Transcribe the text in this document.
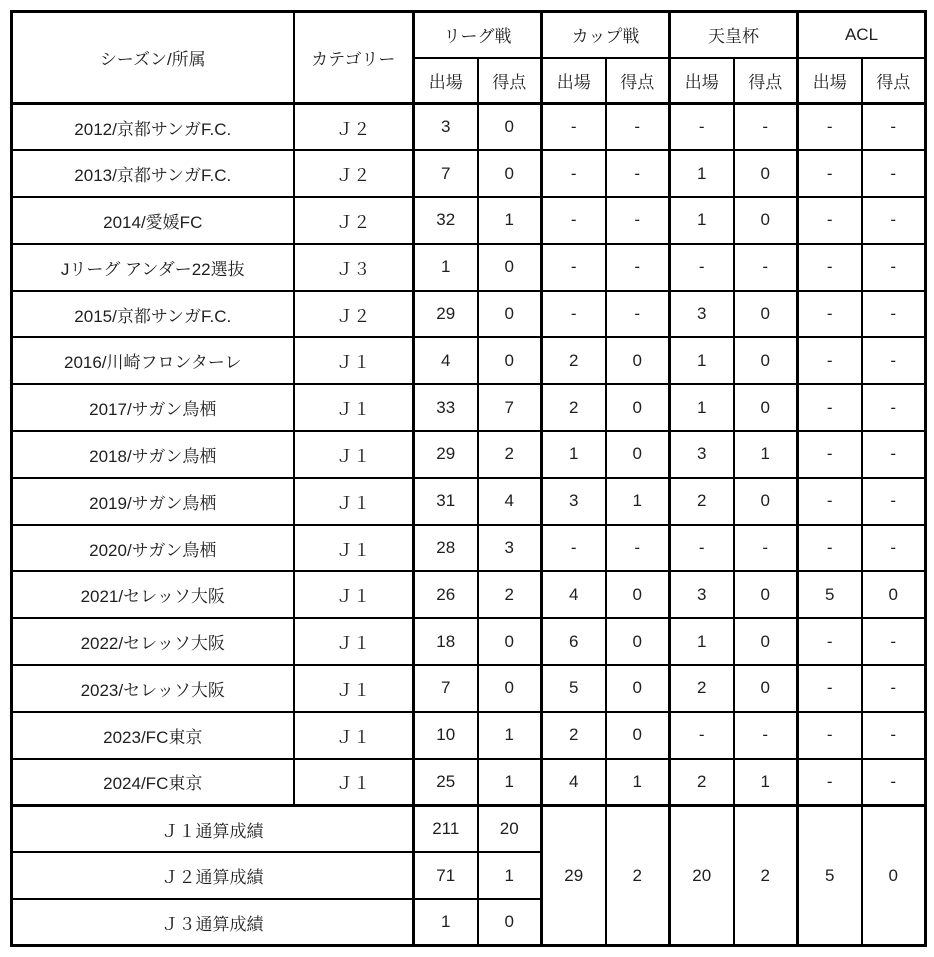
シーズン/所属	カテゴリー	リーグ戦		カップ戦		天皇杯		ACL	
		出場	得点	出場	得点	出場	得点	出場	得点
2012/京都サンガF.C.	Ｊ２	3	0	-	-	-	-	-	-
2013/京都サンガF.C.	Ｊ２	7	0	-	-	1	0	-	-
2014/愛媛FC	Ｊ２	32	1	-	-	1	0	-	-
Jリーグ アンダー22選抜	Ｊ３	1	0	-	-	-	-	-	-
2015/京都サンガF.C.	Ｊ２	29	0	-	-	3	0	-	-
2016/川崎フロンターレ	Ｊ１	4	0	2	0	1	0	-	-
2017/サガン鳥栖	Ｊ１	33	7	2	0	1	0	-	-
2018/サガン鳥栖	Ｊ１	29	2	1	0	3	1	-	-
2019/サガン鳥栖	Ｊ１	31	4	3	1	2	0	-	-
2020/サガン鳥栖	Ｊ１	28	3	-	-	-	-	-	-
2021/セレッソ大阪	Ｊ１	26	2	4	0	3	0	5	0
2022/セレッソ大阪	Ｊ１	18	0	6	0	1	0	-	-
2023/セレッソ大阪	Ｊ１	7	0	5	0	2	0	-	-
2023/FC東京	Ｊ１	10	1	2	0	-	-	-	-
2024/FC東京	Ｊ１	25	1	4	1	2	1	-	-
Ｊ１通算成績		211	20	29	2	20	2	5	0
Ｊ２通算成績		71	1						
Ｊ３通算成績		1	0						
